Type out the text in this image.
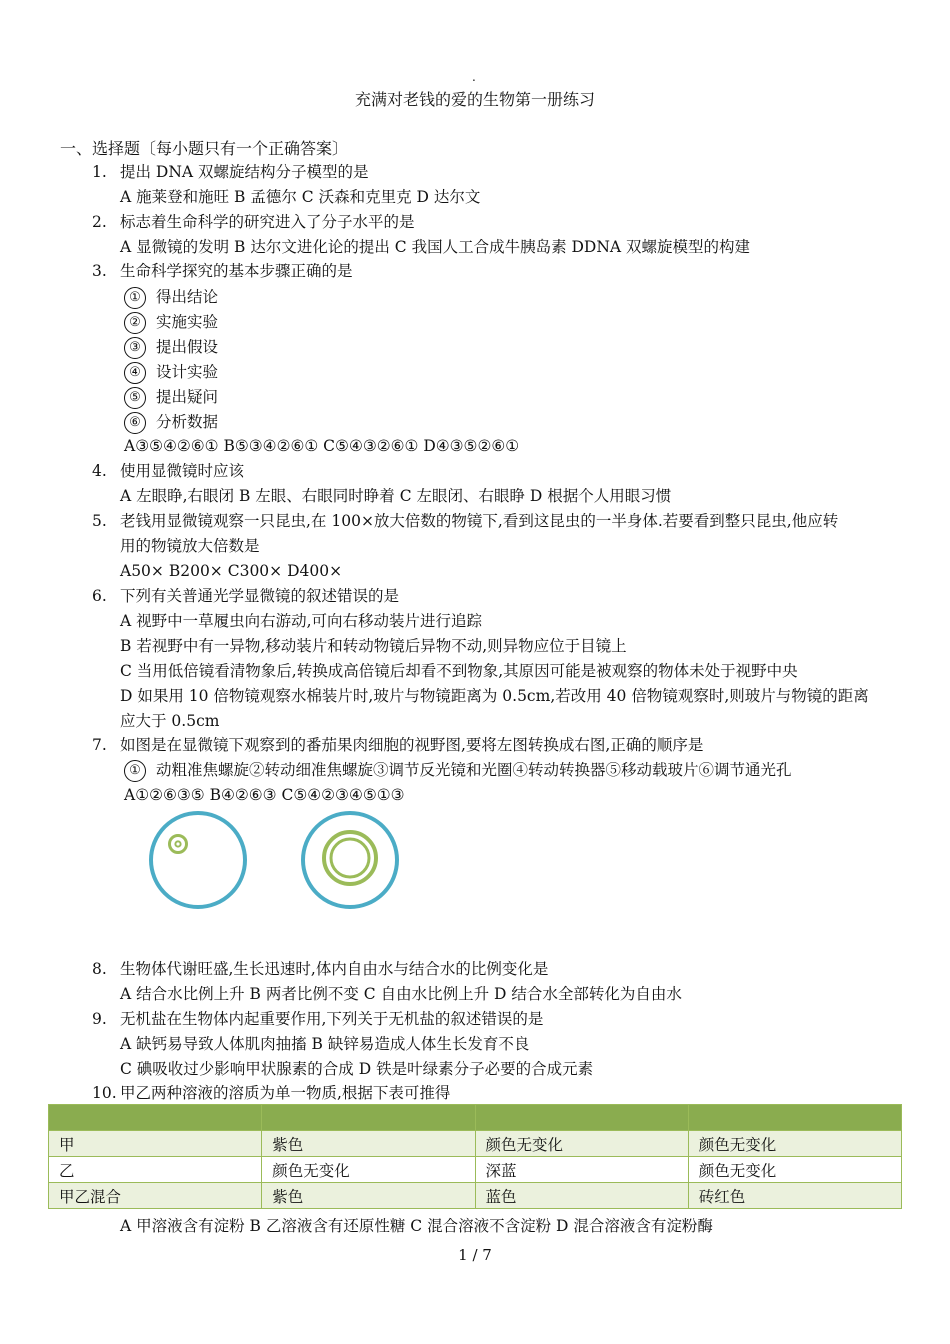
.
充满对老钱的爱的生物第一册练习
一、选择题〔每小题只有一个正确答案〕
1. 提出 DNA 双螺旋结构分子模型的是
A 施莱登和施旺 B 孟德尔 C 沃森和克里克 D 达尔文
2. 标志着生命科学的研究进入了分子水平的是
A 显微镜的发明 B 达尔文进化论的提出 C 我国人工合成牛胰岛素 DDNA 双螺旋模型的构建
3. 生命科学探究的基本步骤正确的是
① 得出结论
② 实施实验
③ 提出假设
④ 设计实验
⑤ 提出疑问
⑥ 分析数据
A③⑤④②⑥① B⑤③④②⑥① C⑤④③②⑥① D④③⑤②⑥①
4. 使用显微镜时应该
A 左眼睁,右眼闭 B 左眼、右眼同时睁着 C 左眼闭、右眼睁 D 根据个人用眼习惯
5. 老钱用显微镜观察一只昆虫,在 100×放大倍数的物镜下,看到这昆虫的一半身体.若要看到整只昆虫,他应转
用的物镜放大倍数是
A50× B200× C300× D400×
6. 下列有关普通光学显微镜的叙述错误的是
A 视野中一草履虫向右游动,可向右移动装片进行追踪
B 若视野中有一异物,移动装片和转动物镜后异物不动,则异物应位于目镜上
C 当用低倍镜看清物象后,转换成高倍镜后却看不到物象,其原因可能是被观察的物体未处于视野中央
D 如果用 10 倍物镜观察水棉装片时,玻片与物镜距离为 0.5cm,若改用 40 倍物镜观察时,则玻片与物镜的距离
应大于 0.5cm
7. 如图是在显微镜下观察到的番茄果肉细胞的视野图,要将左图转换成右图,正确的顺序是
① 动粗准焦螺旋②转动细准焦螺旋③调节反光镜和光圈④转动转换器⑤移动载玻片⑥调节通光孔
A①②⑥③⑤ B④②⑥③ C⑤④②③④⑤①③
8. 生物体代谢旺盛,生长迅速时,体内自由水与结合水的比例变化是
A 结合水比例上升 B 两者比例不变 C 自由水比例上升 D 结合水全部转化为自由水
9. 无机盐在生物体内起重要作用,下列关于无机盐的叙述错误的是
A 缺钙易导致人体肌肉抽搐 B 缺锌易造成人体生长发育不良
C 碘吸收过少影响甲状腺素的合成 D 铁是叶绿素分子必要的合成元素
10. 甲乙两种溶液的溶质为单一物质,根据下表可推得

甲	紫色	颜色无变化	颜色无变化
乙	颜色无变化	深蓝	颜色无变化
甲乙混合	紫色	蓝色	砖红色
A 甲溶液含有淀粉 B 乙溶液含有还原性糖 C 混合溶液不含淀粉 D 混合溶液含有淀粉酶
1 / 7
